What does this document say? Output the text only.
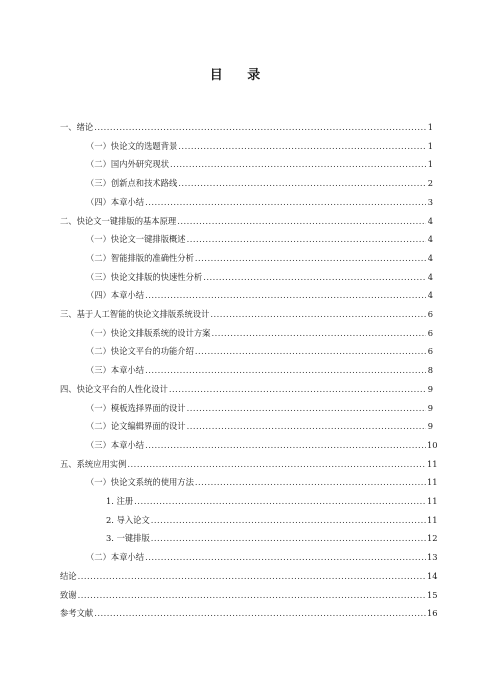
目 录
一、 绪论 .....	1
（一） 快论文的选题背景 .....	1
（二） 国内外研究现状 .....	1
（三） 创新点和技术路线 .....	2
（四） 本章小结 .....	3
二、 快论文一键排版的基本原理 .....	4
（一） 快论文一键排版概述 .....	4
（二） 智能排版的准确性分析 .....	4
（三） 快论文排版的快速性分析 .....	4
（四） 本章小结 .....	4
三、 基于人工智能的快论文排版系统设计 .....	6
（一） 快论文排版系统的设计方案 .....	6
（二） 快论文平台的功能介绍 .....	6
（三） 本章小结 .....	8
四、 快论文平台的人性化设计 .....	9
（一） 模板选择界面的设计 .....	9
（二） 论文编辑界面的设计 .....	9
（三） 本章小结 .....	10
五、 系统应用实例 .....	11
（一） 快论文系统的使用方法 .....	11
1. 注册 .....	11
2. 导入论文 .....	11
3. 一键排版 .....	12
（二） 本章小结 .....	13
结论 .....	14
致谢 .....	15
参考文献 .....	16
